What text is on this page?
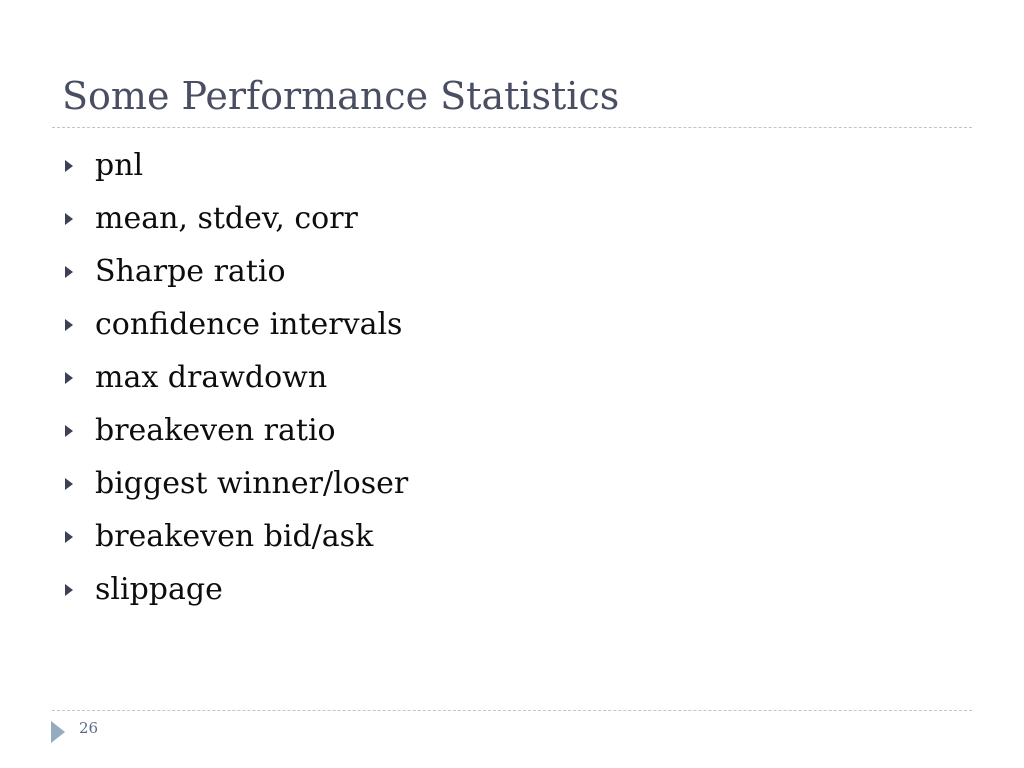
Some Performance Statistics
pnl
mean, stdev, corr
Sharpe ratio
confidence intervals
max drawdown
breakeven ratio
biggest winner/loser
breakeven bid/ask
slippage
26
